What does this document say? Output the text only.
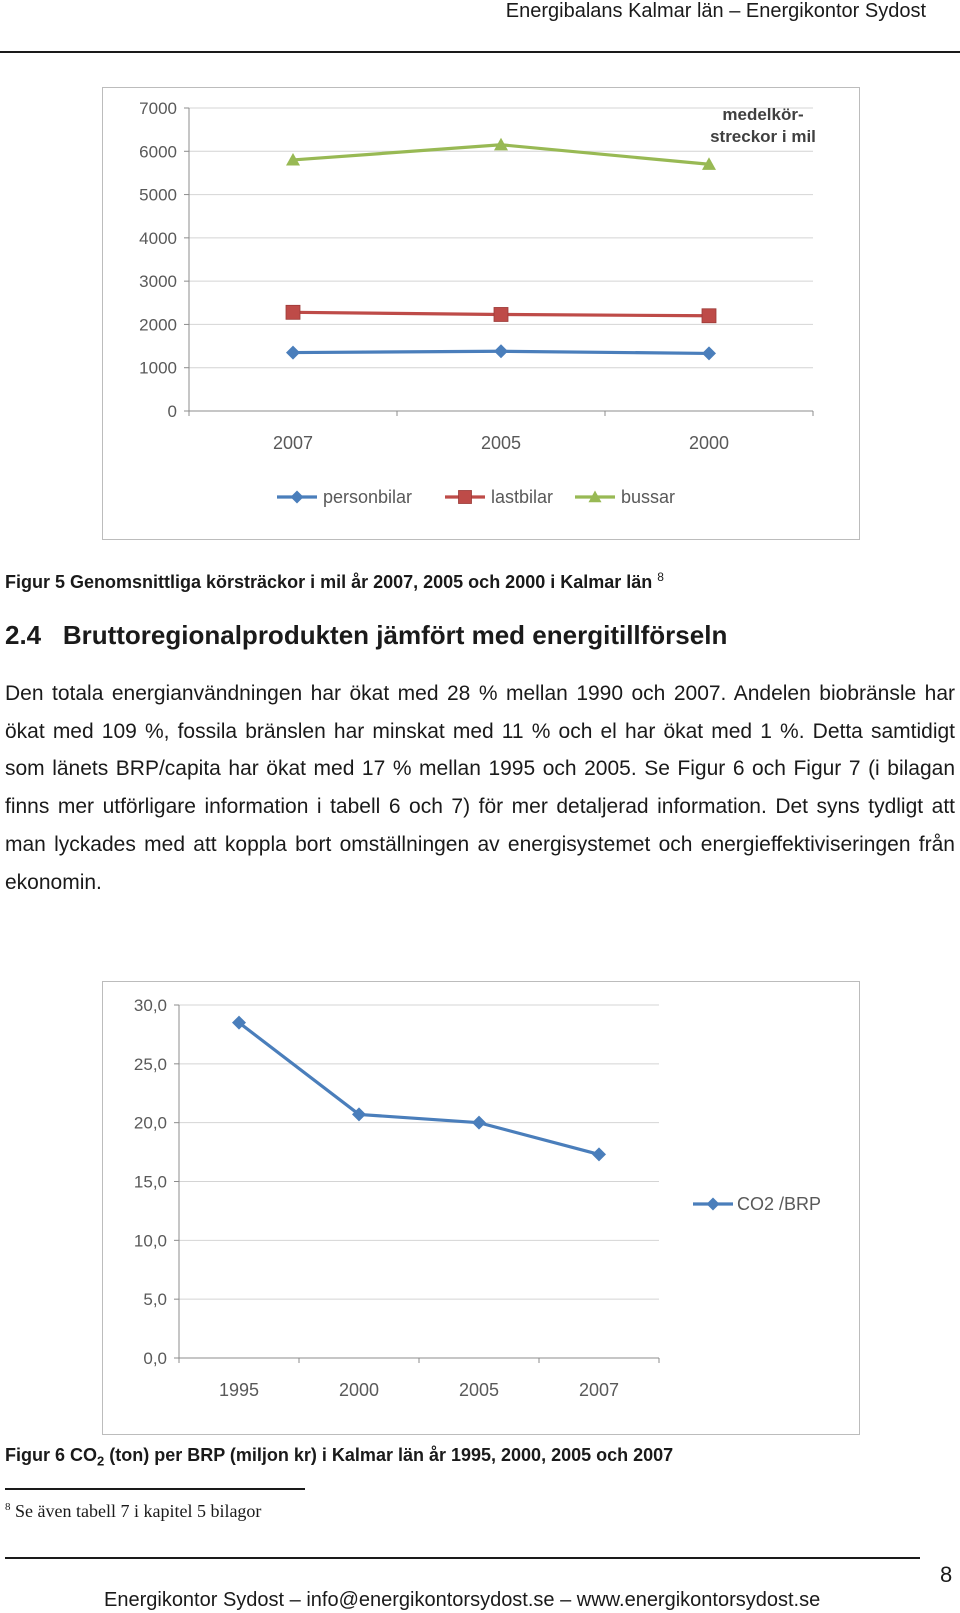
Energibalans Kalmar län – Energikontor Sydost
0
1000
2000
3000
4000
5000
6000
7000
2007	2005	2000
medelkör-
streckor i mil
personbilar	lastbilar	bussar
Figur 5 Genomsnittliga körsträckor i mil år 2007, 2005 och 2000 i Kalmar län $^8$
2.4 Bruttoregionalprodukten jämfört med energitillförseln
Den totala energianvändningen har ökat med 28 % mellan 1990 och 2007. Andelen biobränsle har ökat med 109 %, fossila bränslen har minskat med 11 % och el har ökat med 1 %. Detta samtidigt som länets BRP/capita har ökat med 17 % mellan 1995 och 2005. Se Figur 6 och Figur 7 (i bilagan finns mer utförligare information i tabell 6 och 7) för mer detaljerad information. Det syns tydligt att man lyckades med att koppla bort omställningen av energisystemet och energieffektiviseringen från ekonomin.
0,0
5,0
10,0
15,0
20,0
25,0
30,0
1995	2000	2005	2007
CO2 /BRP
Figur 6 $CO_2$ (ton) per BRP (miljon kr) i Kalmar län år 1995, 2000, 2005 och 2007
$^8$ Se även tabell 7 i kapitel 5 bilagor
8
Energikontor Sydost – info@energikontorsydost.se – www.energikontorsydost.se
